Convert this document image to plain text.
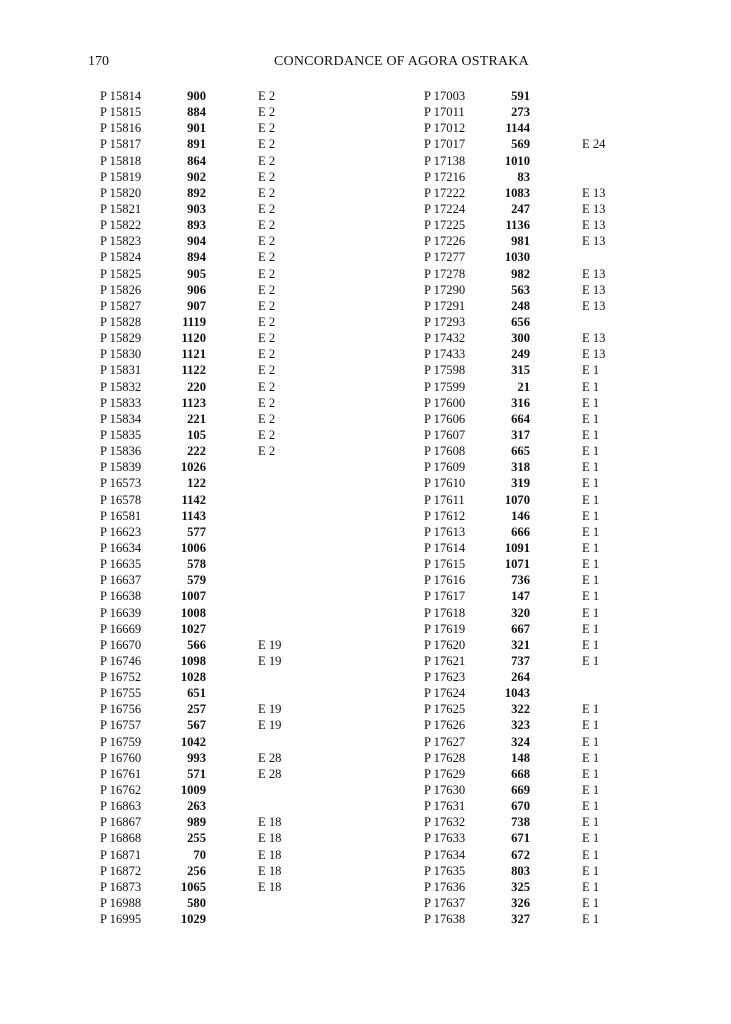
170	CONCORDANCE OF AGORA OSTRAKA
P 15814	900	E 2
P 15815	884	E 2
P 15816	901	E 2
P 15817	891	E 2
P 15818	864	E 2
P 15819	902	E 2
P 15820	892	E 2
P 15821	903	E 2
P 15822	893	E 2
P 15823	904	E 2
P 15824	894	E 2
P 15825	905	E 2
P 15826	906	E 2
P 15827	907	E 2
P 15828	1119	E 2
P 15829	1120	E 2
P 15830	1121	E 2
P 15831	1122	E 2
P 15832	220	E 2
P 15833	1123	E 2
P 15834	221	E 2
P 15835	105	E 2
P 15836	222	E 2
P 15839	1026
P 16573	122
P 16578	1142
P 16581	1143
P 16623	577
P 16634	1006
P 16635	578
P 16637	579
P 16638	1007
P 16639	1008
P 16669	1027
P 16670	566	E 19
P 16746	1098	E 19
P 16752	1028
P 16755	651
P 16756	257	E 19
P 16757	567	E 19
P 16759	1042
P 16760	993	E 28
P 16761	571	E 28
P 16762	1009
P 16863	263
P 16867	989	E 18
P 16868	255	E 18
P 16871	70	E 18
P 16872	256	E 18
P 16873	1065	E 18
P 16988	580
P 16995	1029
P 17003	591
P 17011	273
P 17012	1144
P 17017	569	E 24
P 17138	1010
P 17216	83
P 17222	1083	E 13
P 17224	247	E 13
P 17225	1136	E 13
P 17226	981	E 13
P 17277	1030
P 17278	982	E 13
P 17290	563	E 13
P 17291	248	E 13
P 17293	656
P 17432	300	E 13
P 17433	249	E 13
P 17598	315	E 1
P 17599	21	E 1
P 17600	316	E 1
P 17606	664	E 1
P 17607	317	E 1
P 17608	665	E 1
P 17609	318	E 1
P 17610	319	E 1
P 17611	1070	E 1
P 17612	146	E 1
P 17613	666	E 1
P 17614	1091	E 1
P 17615	1071	E 1
P 17616	736	E 1
P 17617	147	E 1
P 17618	320	E 1
P 17619	667	E 1
P 17620	321	E 1
P 17621	737	E 1
P 17623	264
P 17624	1043
P 17625	322	E 1
P 17626	323	E 1
P 17627	324	E 1
P 17628	148	E 1
P 17629	668	E 1
P 17630	669	E 1
P 17631	670	E 1
P 17632	738	E 1
P 17633	671	E 1
P 17634	672	E 1
P 17635	803	E 1
P 17636	325	E 1
P 17637	326	E 1
P 17638	327	E 1
